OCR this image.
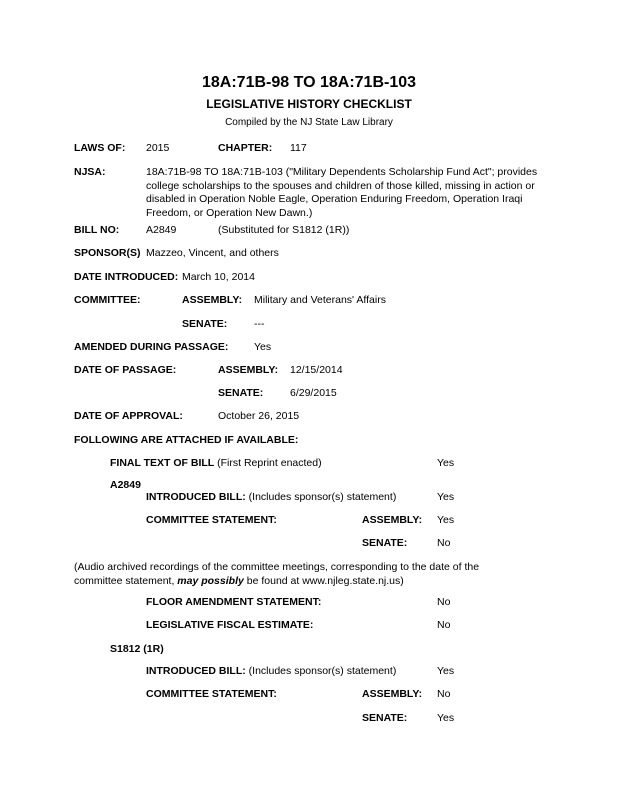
18A:71B-98 TO 18A:71B-103
LEGISLATIVE HISTORY CHECKLIST
Compiled by the NJ State Law Library
LAWS OF: 2015	CHAPTER: 117
NJSA:	18A:71B-98 TO 18A:71B-103 ("Military Dependents Scholarship Fund Act"; provides college scholarships to the spouses and children of those killed, missing in action or disabled in Operation Noble Eagle, Operation Enduring Freedom, Operation Iraqi Freedom, or Operation New Dawn.)
BILL NO:	A2849	(Substituted for S1812 (1R))
SPONSOR(S) Mazzeo, Vincent, and others
DATE INTRODUCED: March 10, 2014
COMMITTEE:	ASSEMBLY: Military and Veterans' Affairs
SENATE:	---
AMENDED DURING PASSAGE: Yes
DATE OF PASSAGE:	ASSEMBLY: 12/15/2014
SENATE:	6/29/2015
DATE OF APPROVAL:	October 26, 2015
FOLLOWING ARE ATTACHED IF AVAILABLE:
FINAL TEXT OF BILL (First Reprint enacted)	Yes
A2849
INTRODUCED BILL: (Includes sponsor(s) statement)	Yes
COMMITTEE STATEMENT:	ASSEMBLY: Yes
SENATE:	No
(Audio archived recordings of the committee meetings, corresponding to the date of the committee statement, may possibly be found at www.njleg.state.nj.us)
FLOOR AMENDMENT STATEMENT:	No
LEGISLATIVE FISCAL ESTIMATE:	No
S1812 (1R)
INTRODUCED BILL: (Includes sponsor(s) statement)	Yes
COMMITTEE STATEMENT:	ASSEMBLY: No
SENATE:	Yes
